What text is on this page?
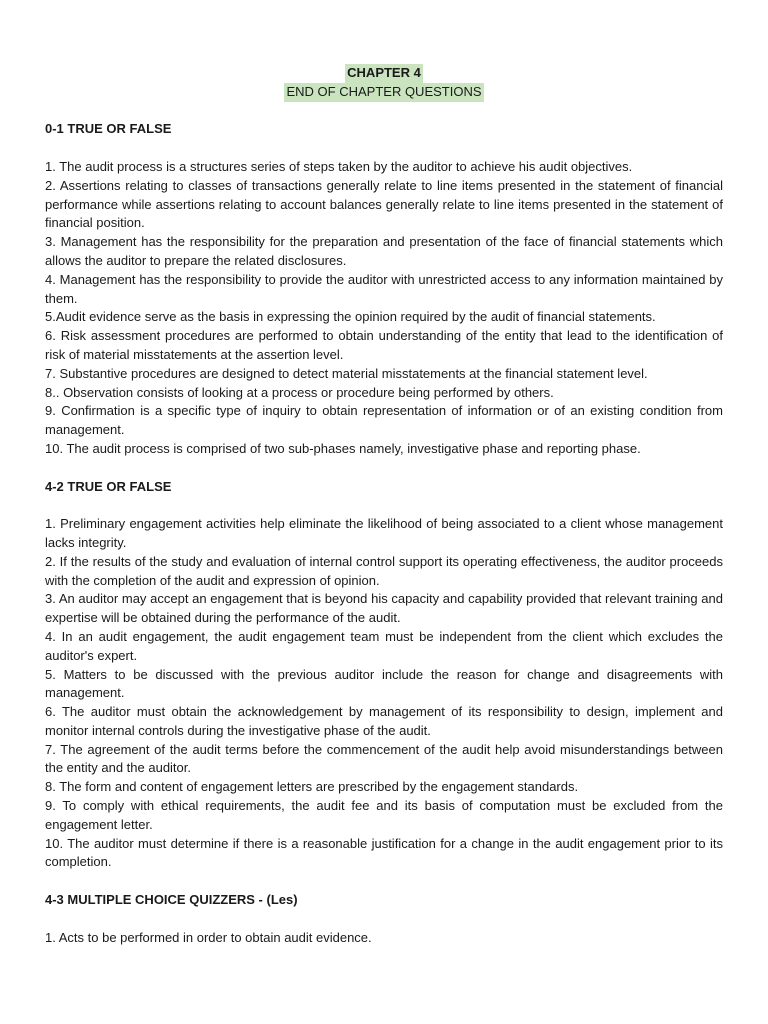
CHAPTER 4
END OF CHAPTER QUESTIONS
0-1 TRUE OR FALSE
1. The audit process is a structures series of steps taken by the auditor to achieve his audit objectives.
2. Assertions relating to classes of transactions generally relate to line items presented in the statement of financial performance while assertions relating to account balances generally relate to line items presented in the statement of financial position.
3. Management has the responsibility for the preparation and presentation of the face of financial statements which allows the auditor to prepare the related disclosures.
4. Management has the responsibility to provide the auditor with unrestricted access to any information maintained by them.
5.Audit evidence serve as the basis in expressing the opinion required by the audit of financial statements.
6. Risk assessment procedures are performed to obtain understanding of the entity that lead to the identification of risk of material misstatements at the assertion level.
7. Substantive procedures are designed to detect material misstatements at the financial statement level.
8.. Observation consists of looking at a process or procedure being performed by others.
9. Confirmation is a specific type of inquiry to obtain representation of information or of an existing condition from management.
10. The audit process is comprised of two sub-phases namely, investigative phase and reporting phase.
4-2 TRUE OR FALSE
1. Preliminary engagement activities help eliminate the likelihood of being associated to a client whose management lacks integrity.
2. If the results of the study and evaluation of internal control support its operating effectiveness, the auditor proceeds with the completion of the audit and expression of opinion.
3. An auditor may accept an engagement that is beyond his capacity and capability provided that relevant training and expertise will be obtained during the performance of the audit.
4. In an audit engagement, the audit engagement team must be independent from the client which excludes the auditor's expert.
5. Matters to be discussed with the previous auditor include the reason for change and disagreements with management.
6. The auditor must obtain the acknowledgement by management of its responsibility to design, implement and monitor internal controls during the investigative phase of the audit.
7. The agreement of the audit terms before the commencement of the audit help avoid misunderstandings between the entity and the auditor.
8. The form and content of engagement letters are prescribed by the engagement standards.
9. To comply with ethical requirements, the audit fee and its basis of computation must be excluded from the engagement letter.
10. The auditor must determine if there is a reasonable justification for a change in the audit engagement prior to its completion.
4-3 MULTIPLE CHOICE QUIZZERS - (Les)
1. Acts to be performed in order to obtain audit evidence.
